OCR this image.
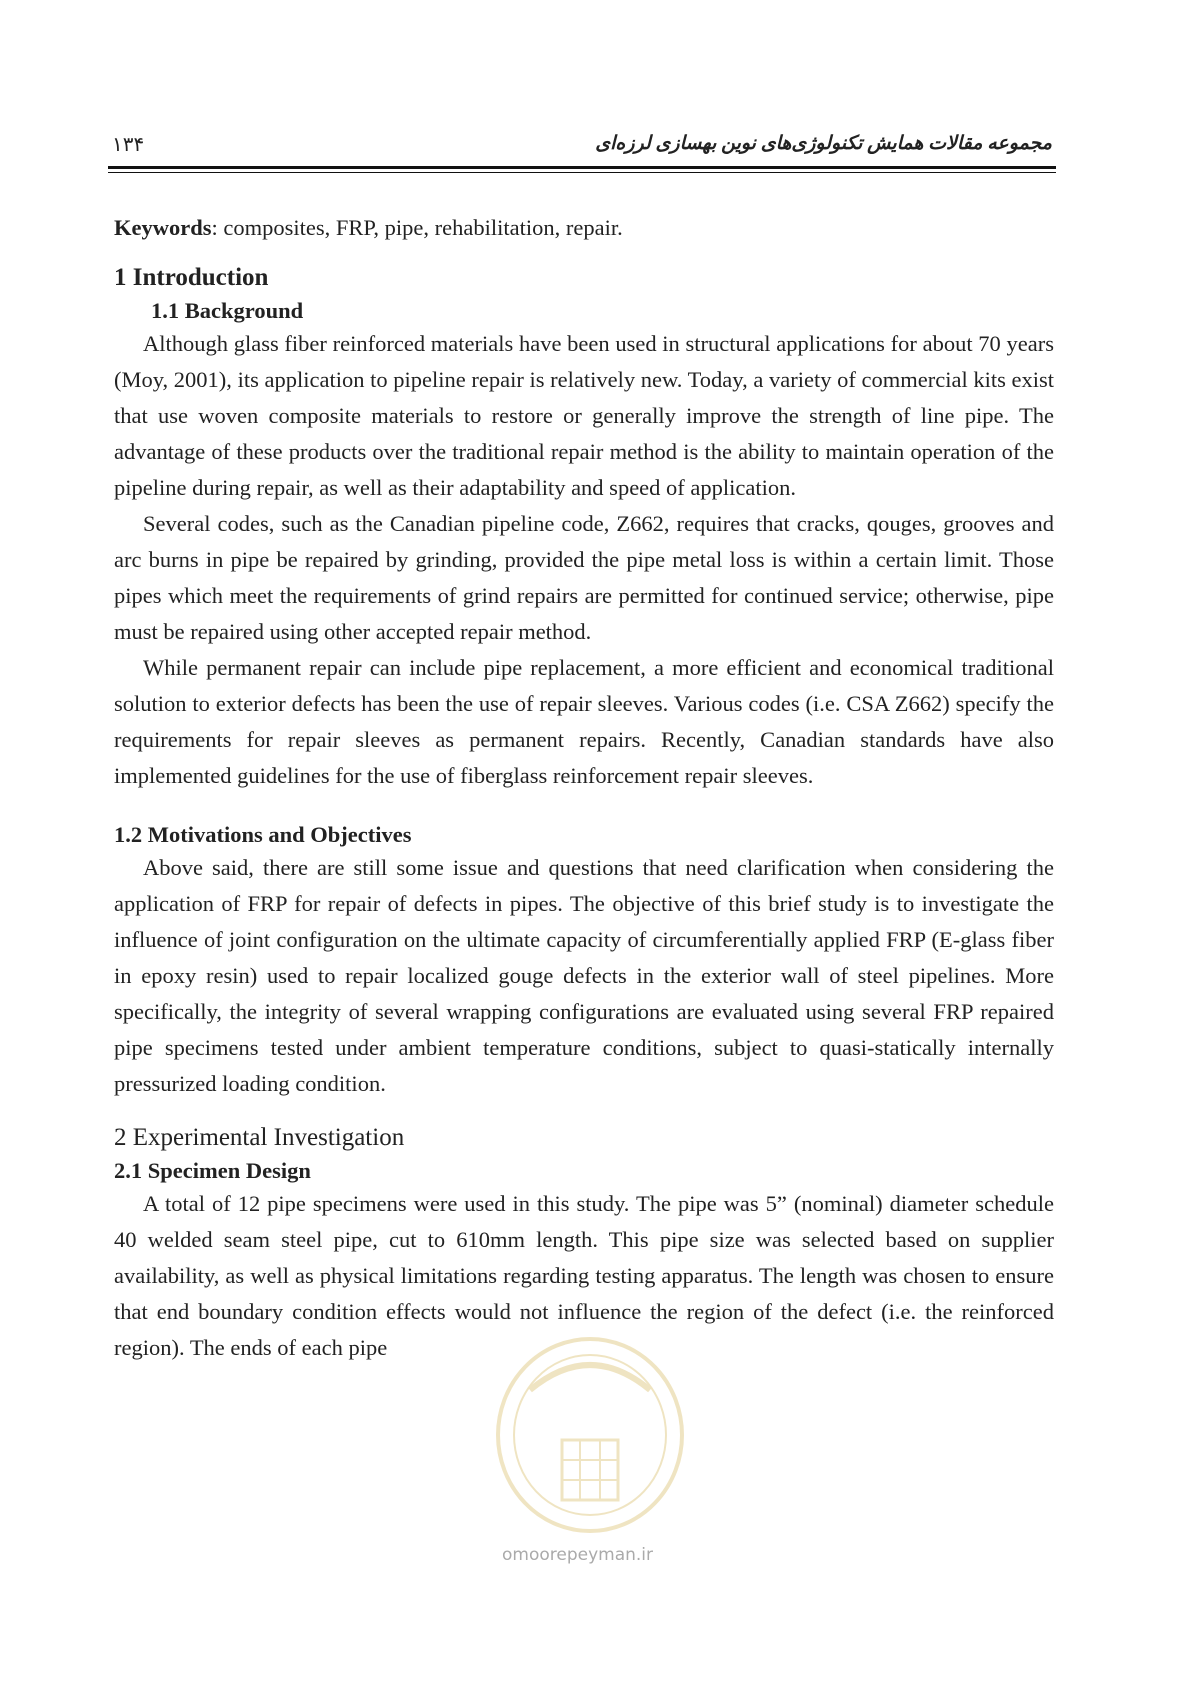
۱۳۴	مجموعه مقالات همایش تکنولوژی‌های نوین بهسازی لرزه‌ای

Keywords: composites, FRP, pipe, rehabilitation, repair.

1 Introduction
1.1 Background

Although glass fiber reinforced materials have been used in structural applications for about 70 years (Moy, 2001), its application to pipeline repair is relatively new. Today, a variety of commercial kits exist that use woven composite materials to restore or generally improve the strength of line pipe. The advantage of these products over the traditional repair method is the ability to maintain operation of the pipeline during repair, as well as their adaptability and speed of application.

Several codes, such as the Canadian pipeline code, Z662, requires that cracks, qouges, grooves and arc burns in pipe be repaired by grinding, provided the pipe metal loss is within a certain limit. Those pipes which meet the requirements of grind repairs are permitted for continued service; otherwise, pipe must be repaired using other accepted repair method.

While permanent repair can include pipe replacement, a more efficient and economical traditional solution to exterior defects has been the use of repair sleeves. Various codes (i.e. CSA Z662) specify the requirements for repair sleeves as permanent repairs. Recently, Canadian standards have also implemented guidelines for the use of fiberglass reinforcement repair sleeves.

1.2 Motivations and Objectives

Above said, there are still some issue and questions that need clarification when considering the application of FRP for repair of defects in pipes. The objective of this brief study is to investigate the influence of joint configuration on the ultimate capacity of circumferentially applied FRP (E-glass fiber in epoxy resin) used to repair localized gouge defects in the exterior wall of steel pipelines. More specifically, the integrity of several wrapping configurations are evaluated using several FRP repaired pipe specimens tested under ambient temperature conditions, subject to quasi-statically internally pressurized loading condition.

2 Experimental Investigation
2.1 Specimen Design

A total of 12 pipe specimens were used in this study. The pipe was 5” (nominal) diameter schedule 40 welded seam steel pipe, cut to 610mm length. This pipe size was selected based on supplier availability, as well as physical limitations regarding testing apparatus. The length was chosen to ensure that end boundary condition effects would not influence the region of the defect (i.e. the reinforced region). The ends of each pipe

omoorepeyman.ir
